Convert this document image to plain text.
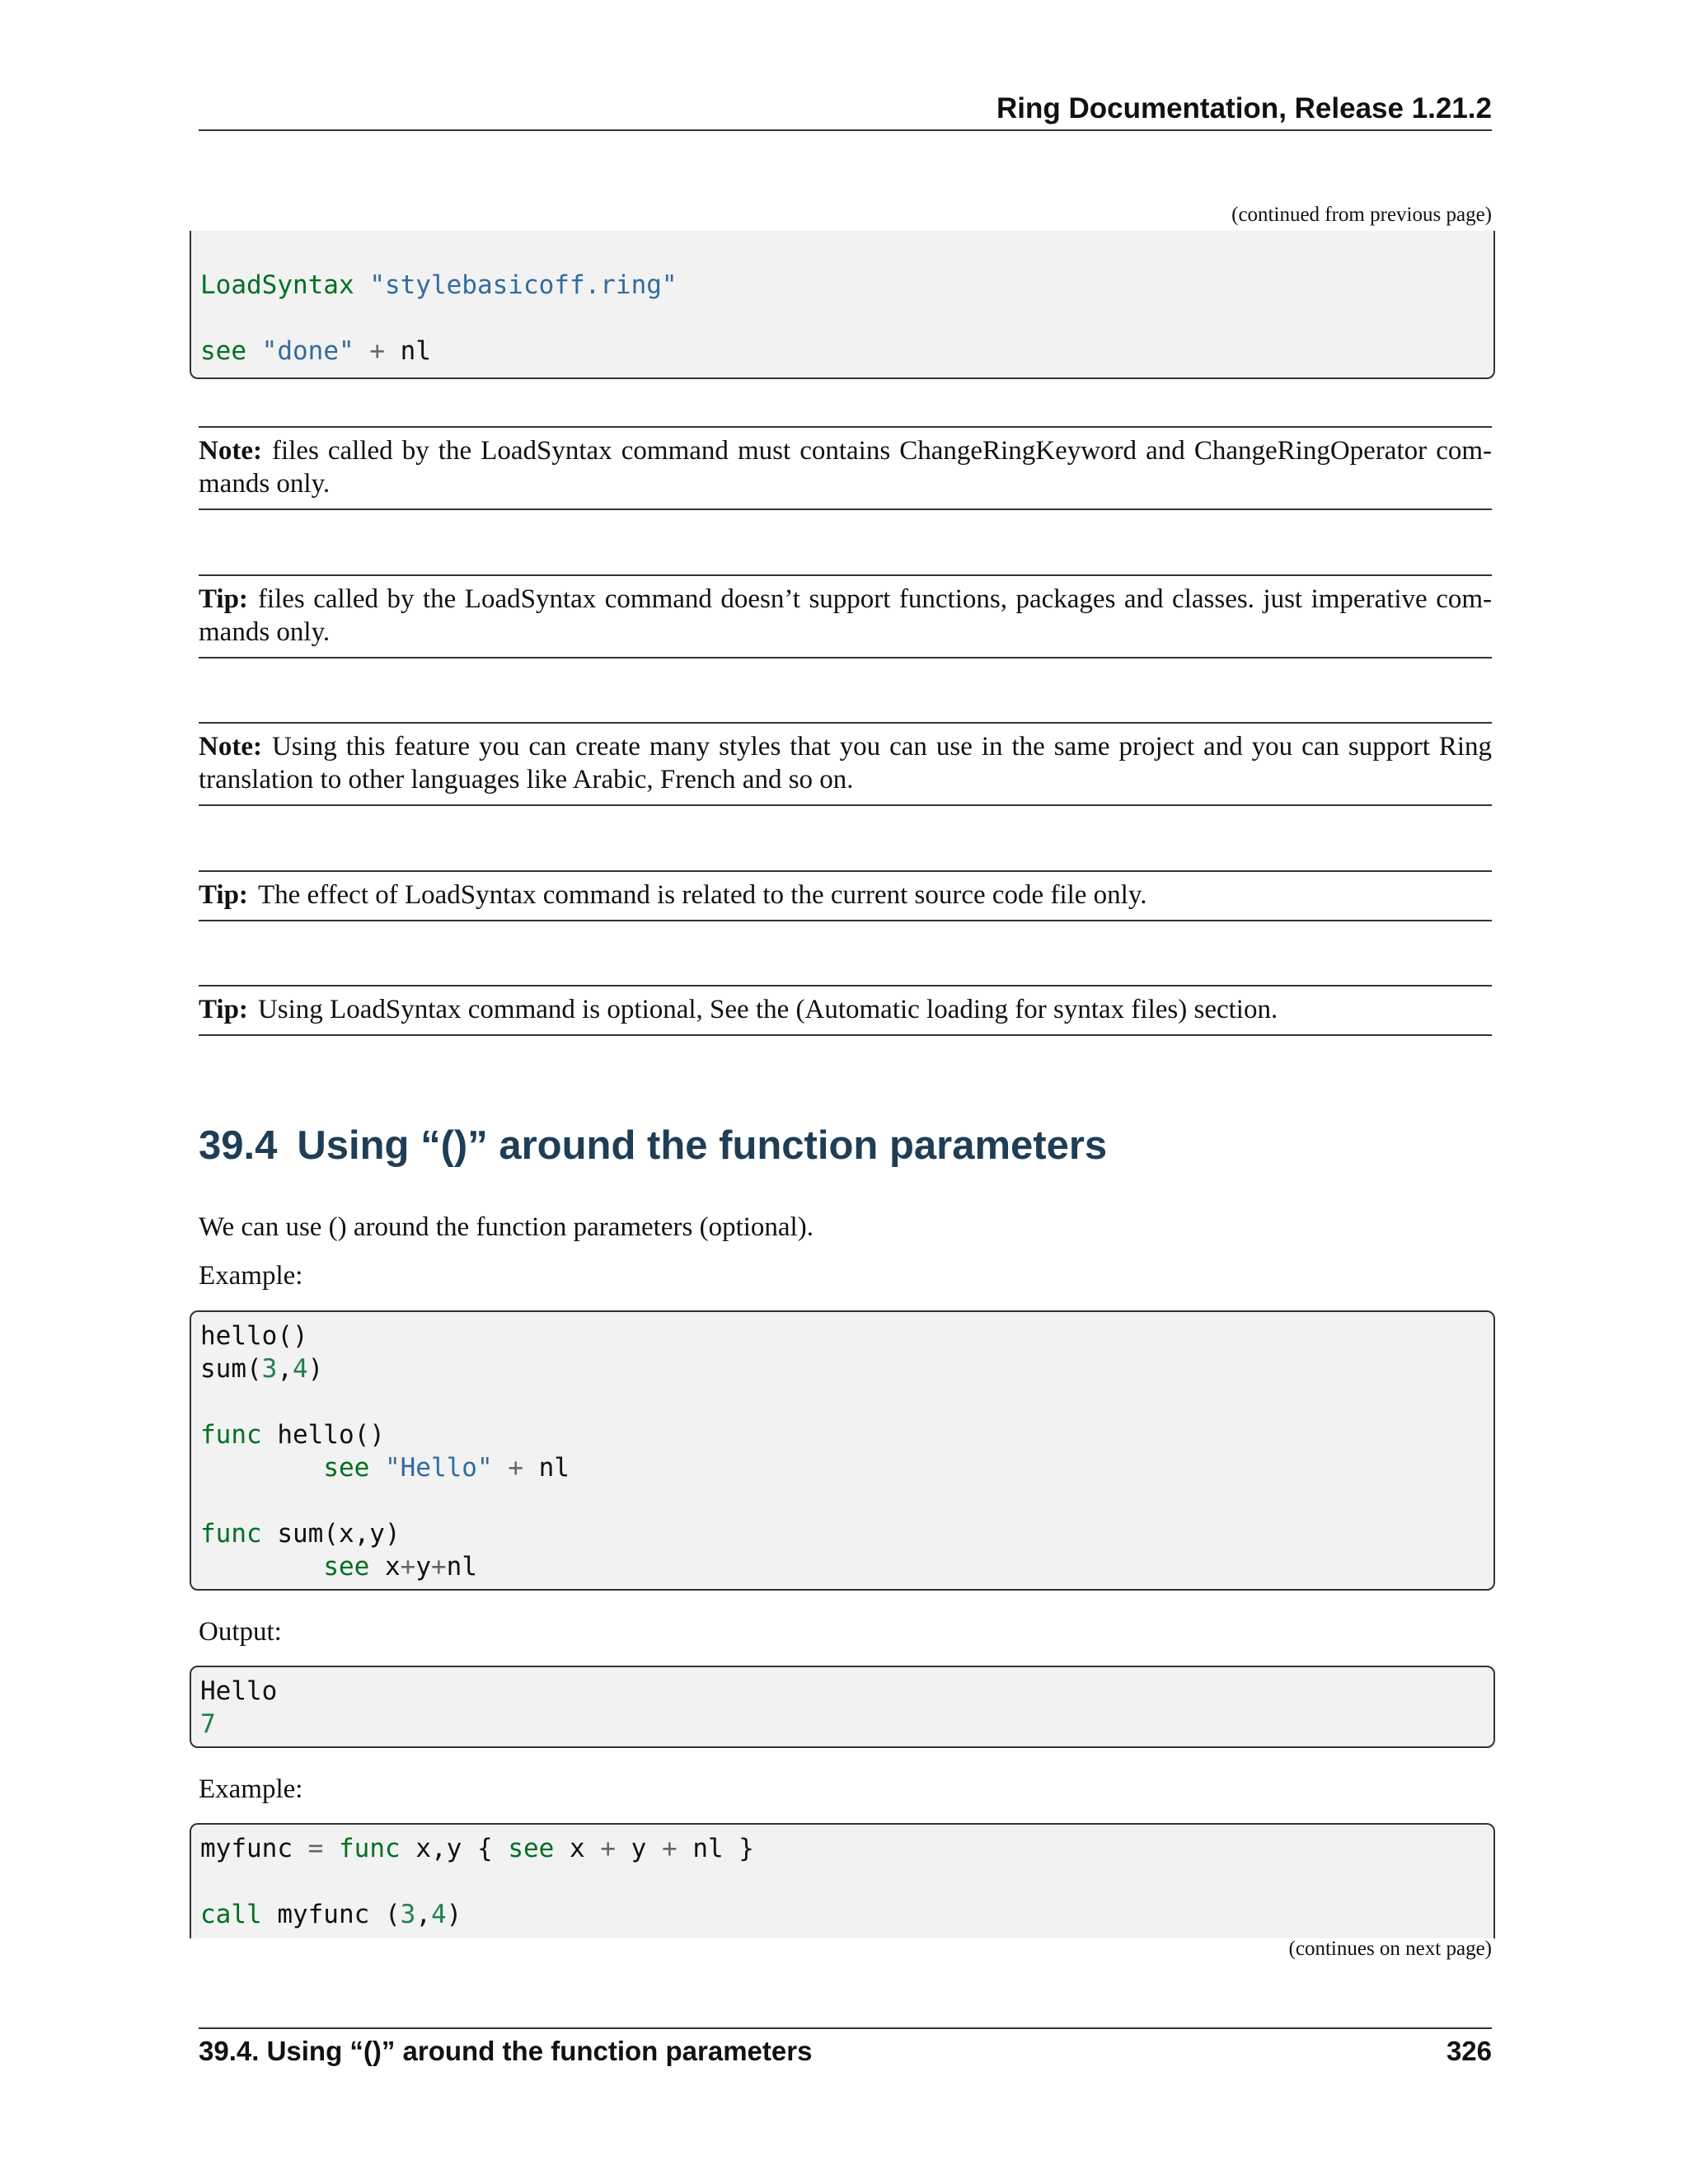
Ring Documentation, Release 1.21.2
(continued from previous page)
LoadSyntax "stylebasicoff.ring"
see "done" + nl
Note: files called by the LoadSyntax command must contains ChangeRingKeyword and ChangeRingOperator com-mands only.
Tip: files called by the LoadSyntax command doesn’t support functions, packages and classes. just imperative com-mands only.
Note: Using this feature you can create many styles that you can use in the same project and you can support Ring translation to other languages like Arabic, French and so on.
Tip: The effect of LoadSyntax command is related to the current source code file only.
Tip: Using LoadSyntax command is optional, See the (Automatic loading for syntax files) section.
39.4 Using “()” around the function parameters
We can use () around the function parameters (optional).
Example:
hello()
sum(3,4)
func hello()
see "Hello" + nl
func sum(x,y)
see x+y+nl
Output:
Hello
7
Example:
myfunc = func x,y { see x + y + nl }
call myfunc (3,4)
(continues on next page)
39.4. Using “()” around the function parameters	326
